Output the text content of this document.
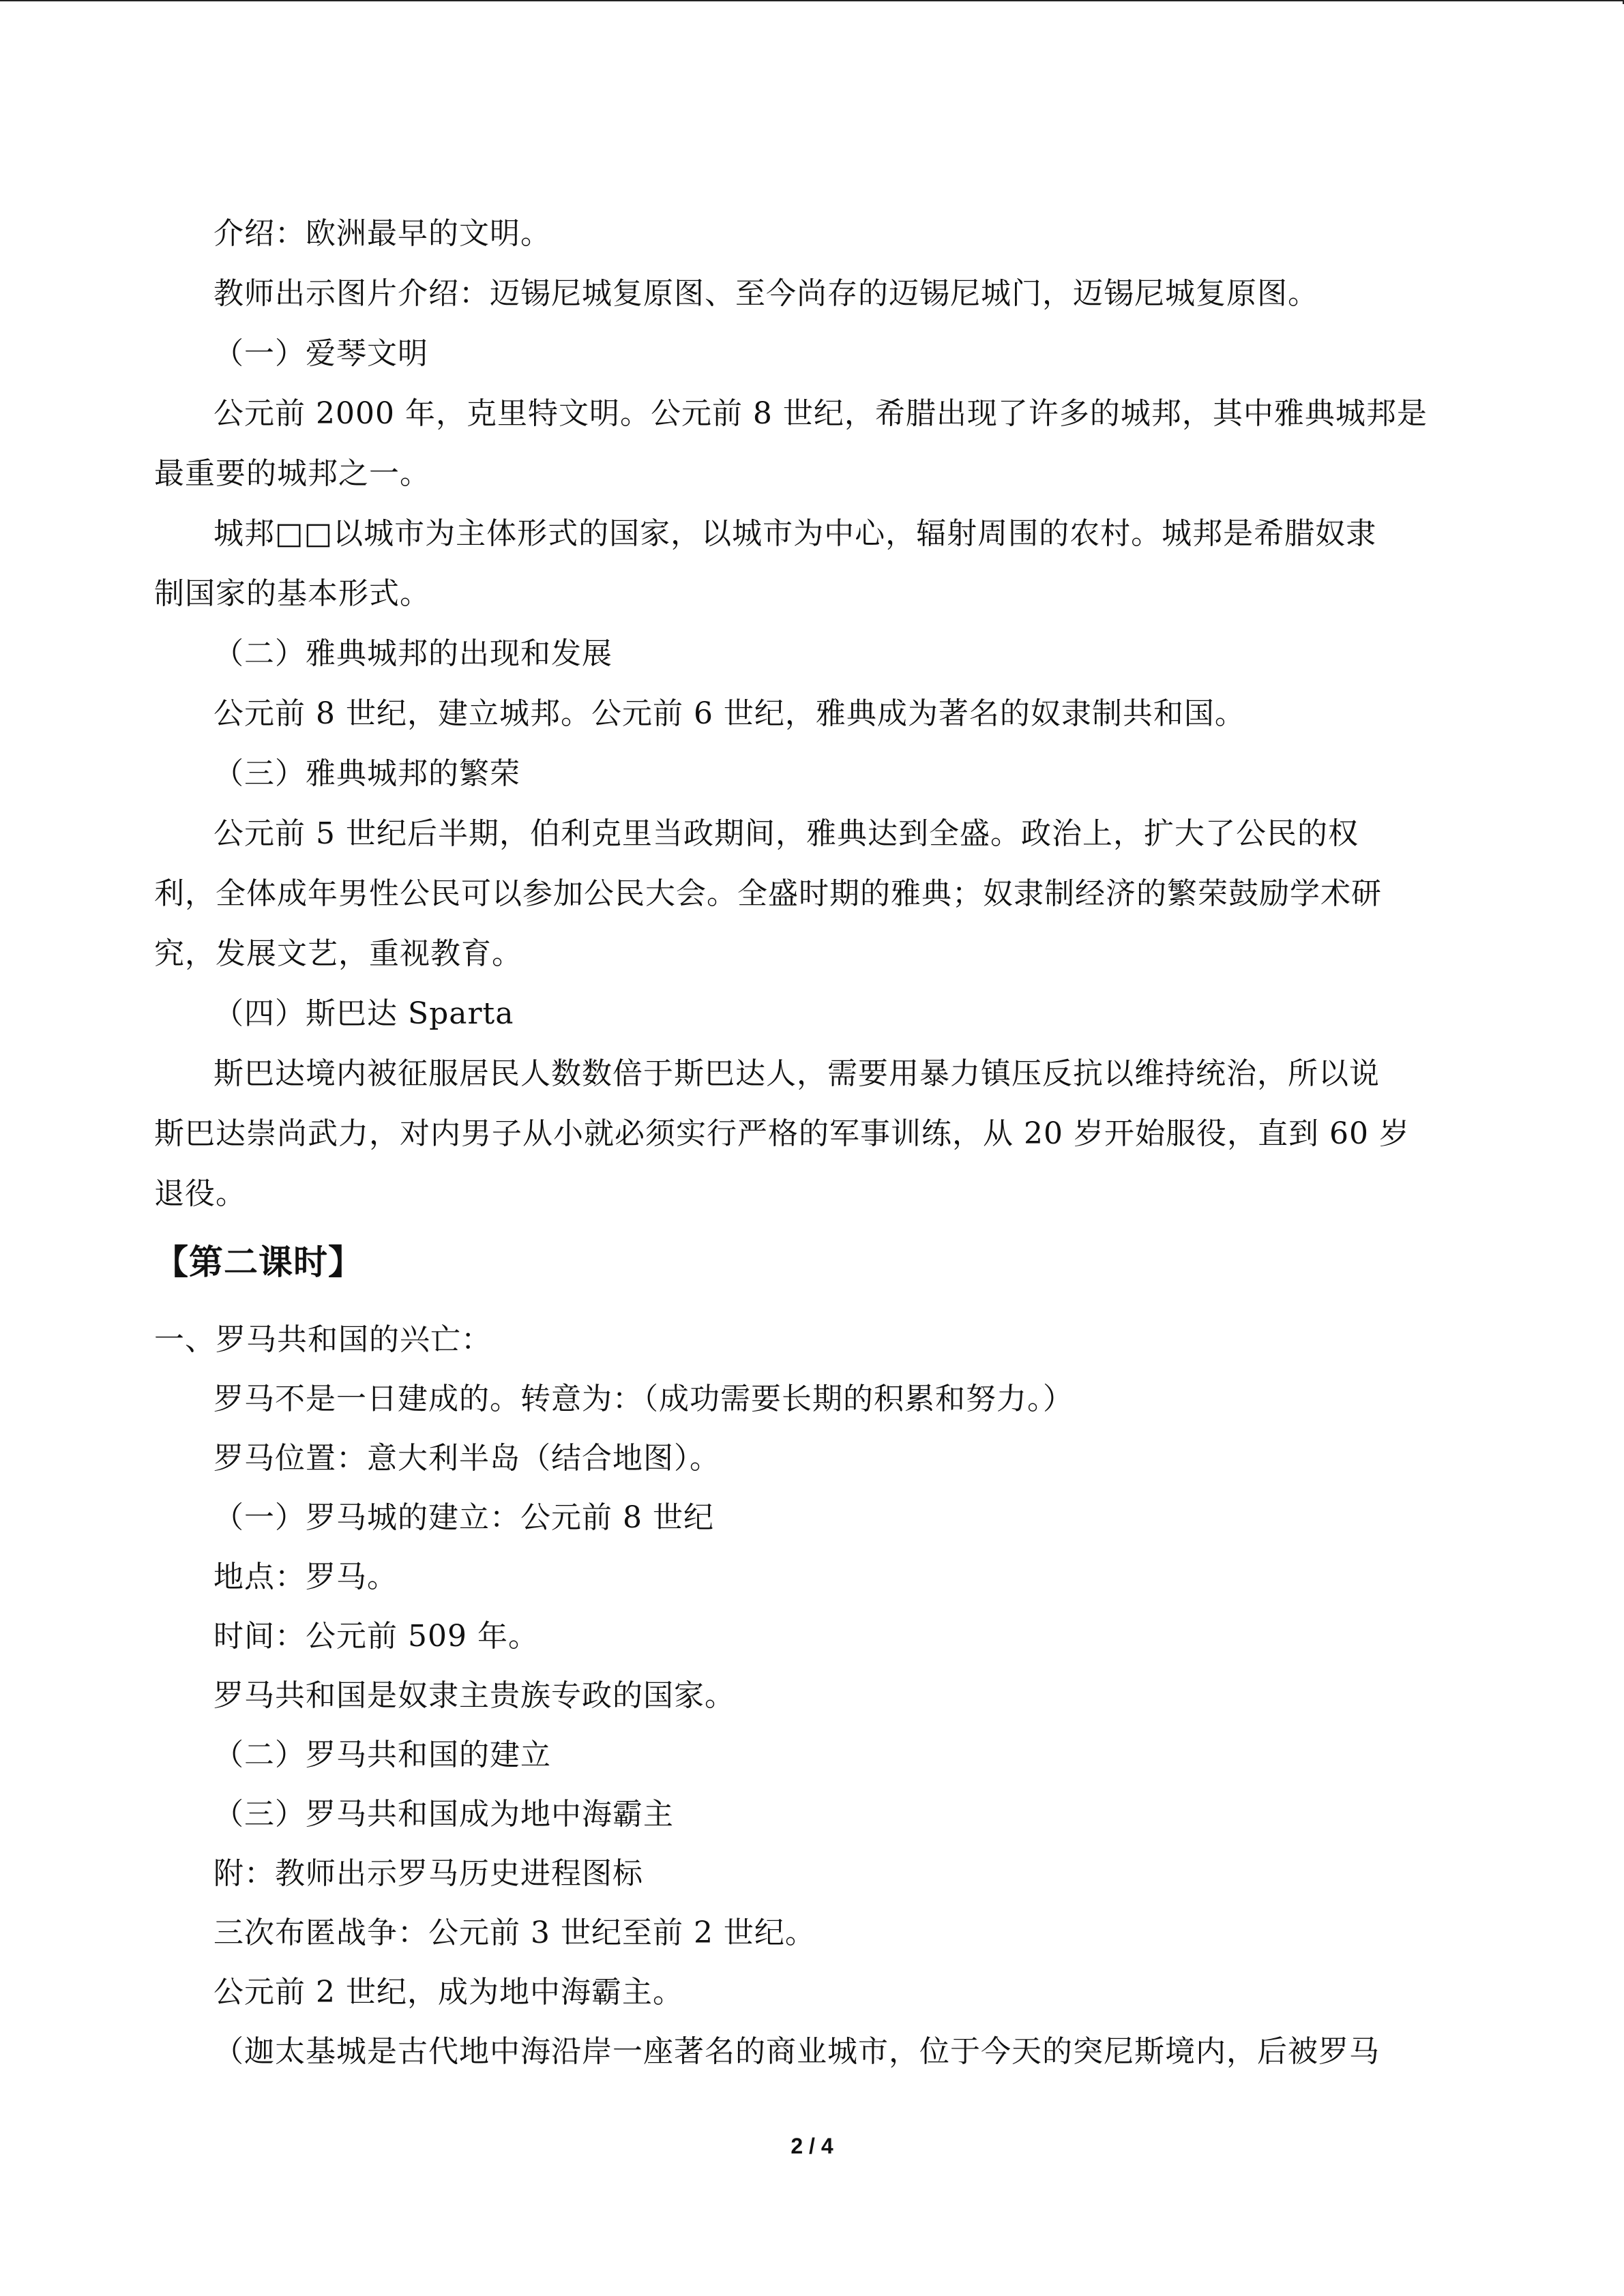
介绍：欧洲最早的文明。
教师出示图片介绍：迈锡尼城复原图、至今尚存的迈锡尼城门，迈锡尼城复原图。
（一）爱琴文明
公元前 2000 年，克里特文明。公元前 8 世纪，希腊出现了许多的城邦，其中雅典城邦是
最重要的城邦之一。
城邦□□以城市为主体形式的国家，以城市为中心，辐射周围的农村。城邦是希腊奴隶
制国家的基本形式。
（二）雅典城邦的出现和发展
公元前 8 世纪，建立城邦。公元前 6 世纪，雅典成为著名的奴隶制共和国。
（三）雅典城邦的繁荣
公元前 5 世纪后半期，伯利克里当政期间，雅典达到全盛。政治上，扩大了公民的权
利，全体成年男性公民可以参加公民大会。全盛时期的雅典；奴隶制经济的繁荣鼓励学术研
究，发展文艺，重视教育。
（四）斯巴达 Sparta
斯巴达境内被征服居民人数数倍于斯巴达人，需要用暴力镇压反抗以维持统治，所以说
斯巴达崇尚武力，对内男子从小就必须实行严格的军事训练，从 20 岁开始服役，直到 60 岁
退役。
【第二课时】
一、罗马共和国的兴亡：
罗马不是一日建成的。转意为：（成功需要长期的积累和努力。）
罗马位置：意大利半岛（结合地图）。
（一）罗马城的建立：公元前 8 世纪
地点：罗马。
时间：公元前 509 年。
罗马共和国是奴隶主贵族专政的国家。
（二）罗马共和国的建立
（三）罗马共和国成为地中海霸主
附：教师出示罗马历史进程图标
三次布匿战争：公元前 3 世纪至前 2 世纪。
公元前 2 世纪，成为地中海霸主。
（迦太基城是古代地中海沿岸一座著名的商业城市，位于今天的突尼斯境内，后被罗马
2 / 4
